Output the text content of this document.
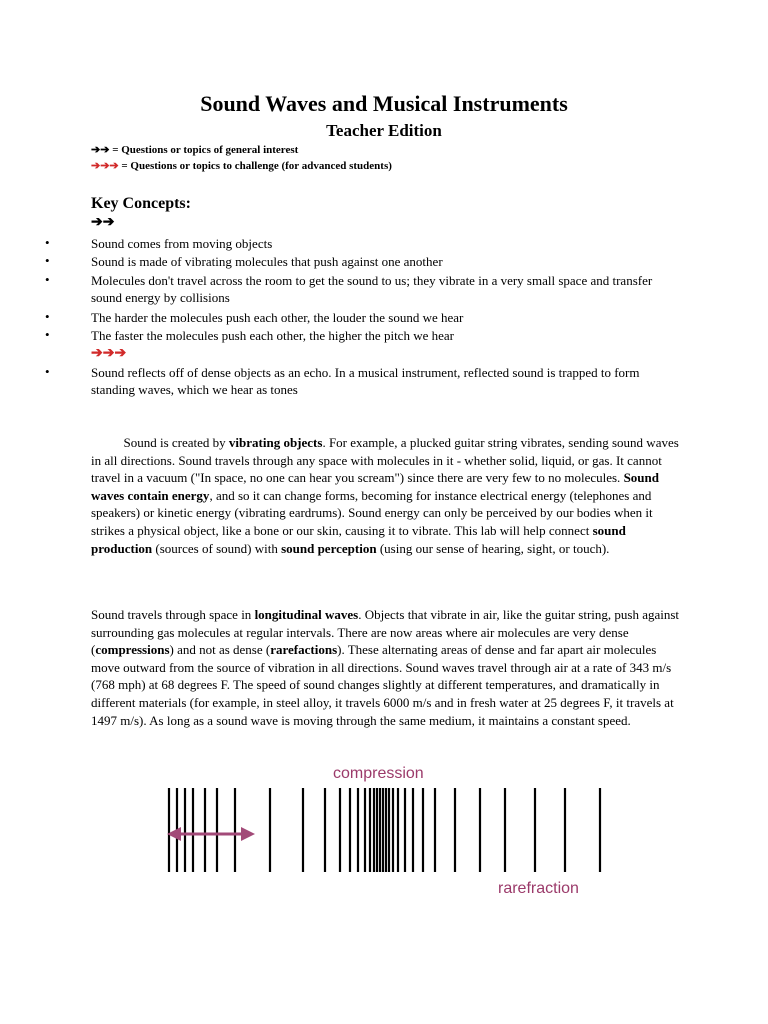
Sound Waves and Musical Instruments
Teacher Edition
➔➔ = Questions or topics of general interest
➔➔➔ = Questions or topics to challenge (for advanced students)
Key Concepts:
➔➔
•	Sound comes from moving objects
•	Sound is made of vibrating molecules that push against one another
•	Molecules don't travel across the room to get the sound to us; they vibrate in a very small space and transfer sound energy by collisions
•	The harder the molecules push each other, the louder the sound we hear
•	The faster the molecules push each other, the higher the pitch we hear
➔➔➔
•	Sound reflects off of dense objects as an echo. In a musical instrument, reflected sound is trapped to form standing waves, which we hear as tones

Sound is created by vibrating objects. For example, a plucked guitar string vibrates, sending sound waves in all directions. Sound travels through any space with molecules in it - whether solid, liquid, or gas. It cannot travel in a vacuum ("In space, no one can hear you scream") since there are very few to no molecules. Sound waves contain energy, and so it can change forms, becoming for instance electrical energy (telephones and speakers) or kinetic energy (vibrating eardrums). Sound energy can only be perceived by our bodies when it strikes a physical object, like a bone or our skin, causing it to vibrate. This lab will help connect sound production (sources of sound) with sound perception (using our sense of hearing, sight, or touch).

Sound travels through space in longitudinal waves. Objects that vibrate in air, like the guitar string, push against surrounding gas molecules at regular intervals. There are now areas where air molecules are very dense (compressions) and not as dense (rarefactions). These alternating areas of dense and far apart air molecules move outward from the source of vibration in all directions. Sound waves travel through air at a rate of 343 m/s (768 mph) at 68 degrees F. The speed of sound changes slightly at different temperatures, and dramatically in different materials (for example, in steel alloy, it travels 6000 m/s and in fresh water at 25 degrees F, it travels at 1497 m/s). As long as a sound wave is moving through the same medium, it maintains a constant speed.

compression
rarefraction
